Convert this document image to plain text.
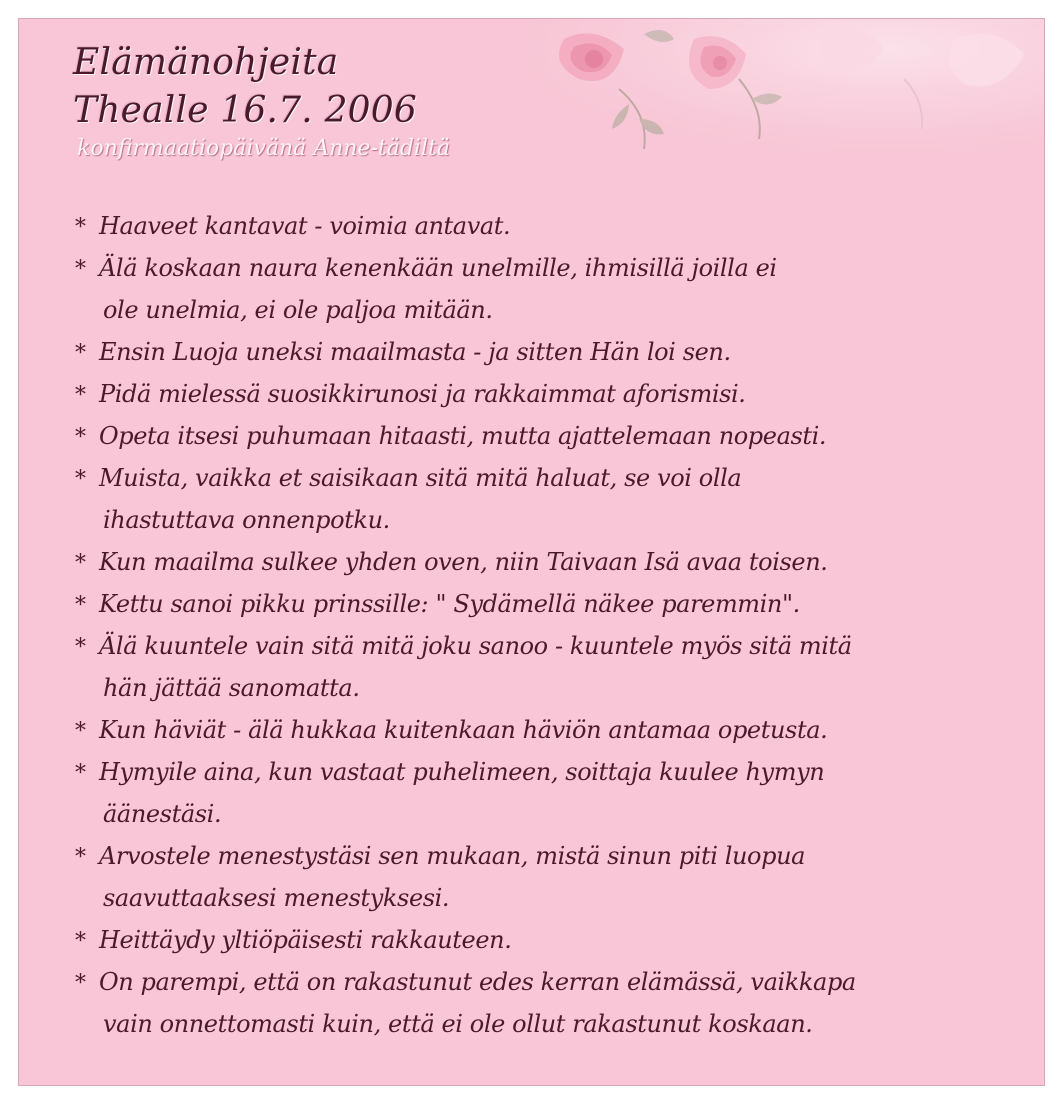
Elämänohjeita
Thealle 16.7. 2006
konfirmaatiopäivänä Anne-tädiltä
* Haaveet kantavat - voimia antavat.
* Älä koskaan naura kenenkään unelmille, ihmisillä joilla ei

ole unelmia, ei ole paljoa mitään.
* Ensin Luoja uneksi maailmasta - ja sitten Hän loi sen.
* Pidä mielessä suosikkirunosi ja rakkaimmat aforismisi.
* Opeta itsesi puhumaan hitaasti, mutta ajattelemaan nopeasti.
* Muista, vaikka et saisikaan sitä mitä haluat, se voi olla

ihastuttava onnenpotku.
* Kun maailma sulkee yhden oven, niin Taivaan Isä avaa toisen.
* Kettu sanoi pikku prinssille: " Sydämellä näkee paremmin".
* Älä kuuntele vain sitä mitä joku sanoo - kuuntele myös sitä mitä

hän jättää sanomatta.
* Kun häviät - älä hukkaa kuitenkaan häviön antamaa opetusta.
* Hymyile aina, kun vastaat puhelimeen, soittaja kuulee hymyn

äänestäsi.
* Arvostele menestystäsi sen mukaan, mistä sinun piti luopua

saavuttaaksesi menestyksesi.
* Heittäydy yltiöpäisesti rakkauteen.
* On parempi, että on rakastunut edes kerran elämässä, vaikkapa

vain onnettomasti kuin, että ei ole ollut rakastunut koskaan.
